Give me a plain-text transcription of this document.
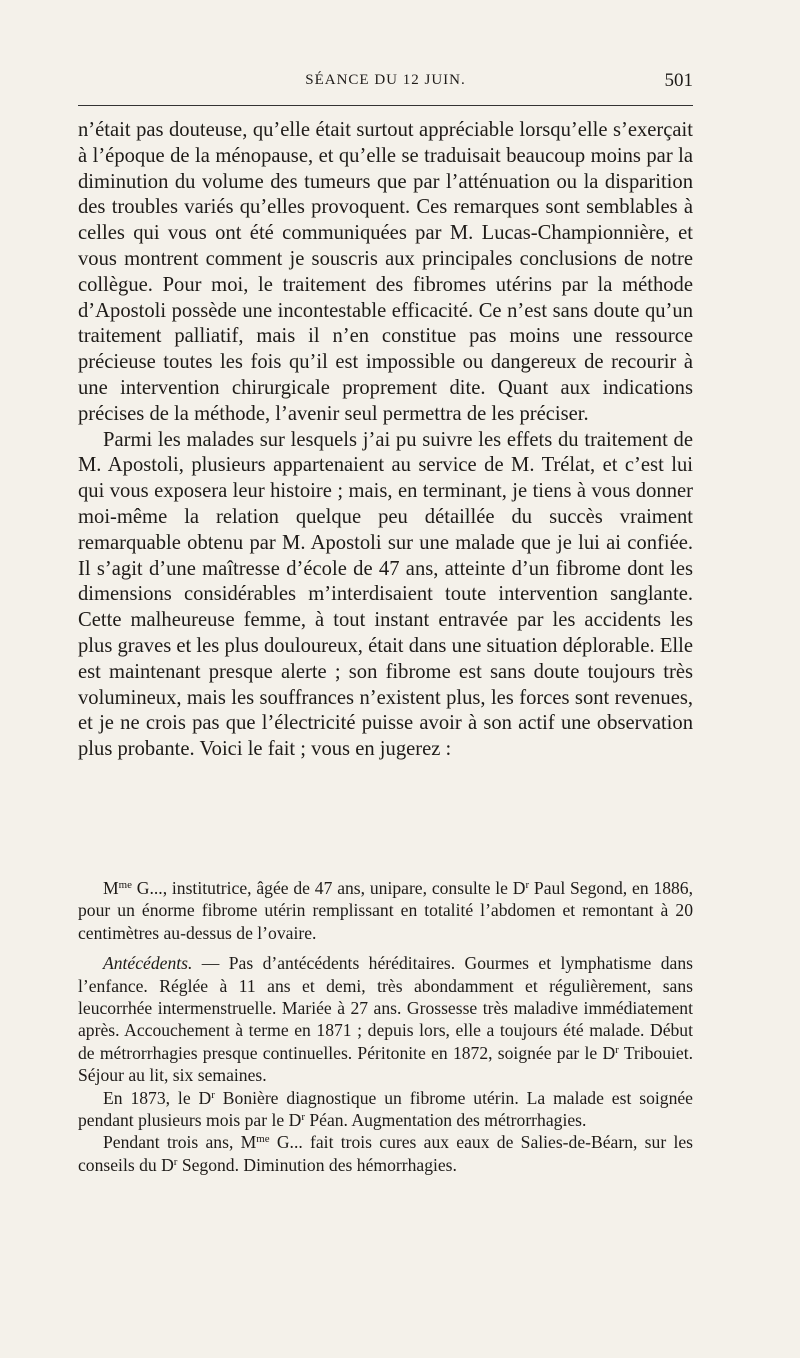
SÉANCE DU 12 JUIN.	501

n’était pas douteuse, qu’elle était surtout appréciable lorsqu’elle s’exerçait à l’époque de la ménopause, et qu’elle se traduisait beaucoup moins par la diminution du volume des tumeurs que par l’atténuation ou la disparition des troubles variés qu’elles provoquent. Ces remarques sont semblables à celles qui vous ont été communiquées par M. Lucas-Championnière, et vous montrent comment je souscris aux principales conclusions de notre collègue. Pour moi, le traitement des fibromes utérins par la méthode d’Apostoli possède une incontestable efficacité. Ce n’est sans doute qu’un traitement palliatif, mais il n’en constitue pas moins une ressource précieuse toutes les fois qu’il est impossible ou dangereux de recourir à une intervention chirurgicale proprement dite. Quant aux indications précises de la méthode, l’avenir seul permettra de les préciser.

Parmi les malades sur lesquels j’ai pu suivre les effets du traitement de M. Apostoli, plusieurs appartenaient au service de M. Trélat, et c’est lui qui vous exposera leur histoire ; mais, en terminant, je tiens à vous donner moi-même la relation quelque peu détaillée du succès vraiment remarquable obtenu par M. Apostoli sur une malade que je lui ai confiée. Il s’agit d’une maîtresse d’école de 47 ans, atteinte d’un fibrome dont les dimensions considérables m’interdisaient toute intervention sanglante. Cette malheureuse femme, à tout instant entravée par les accidents les plus graves et les plus douloureux, était dans une situation déplorable. Elle est maintenant presque alerte ; son fibrome est sans doute toujours très volumineux, mais les souffrances n’existent plus, les forces sont revenues, et je ne crois pas que l’électricité puisse avoir à son actif une observation plus probante. Voici le fait ; vous en jugerez :

$M^{me}$ G..., institutrice, âgée de 47 ans, unipare, consulte le $D^r$ Paul Segond, en 1886, pour un énorme fibrome utérin remplissant en totalité l’abdomen et remontant à 20 centimètres au-dessus de l’ovaire.

Antécédents. — Pas d’antécédents héréditaires. Gourmes et lymphatisme dans l’enfance. Réglée à 11 ans et demi, très abondamment et régulièrement, sans leucorrhée intermenstruelle. Mariée à 27 ans. Grossesse très maladive immédiatement après. Accouchement à terme en 1871 ; depuis lors, elle a toujours été malade. Début de métrorrhagies presque continuelles. Péritonite en 1872, soignée par le $D^r$ Tribouiet. Séjour au lit, six semaines.

En 1873, le $D^r$ Bonière diagnostique un fibrome utérin. La malade est soignée pendant plusieurs mois par le $D^r$ Péan. Augmentation des métrorrhagies.

Pendant trois ans, $M^{me}$ G... fait trois cures aux eaux de Salies-de-Béarn, sur les conseils du $D^r$ Segond. Diminution des hémorrhagies.
